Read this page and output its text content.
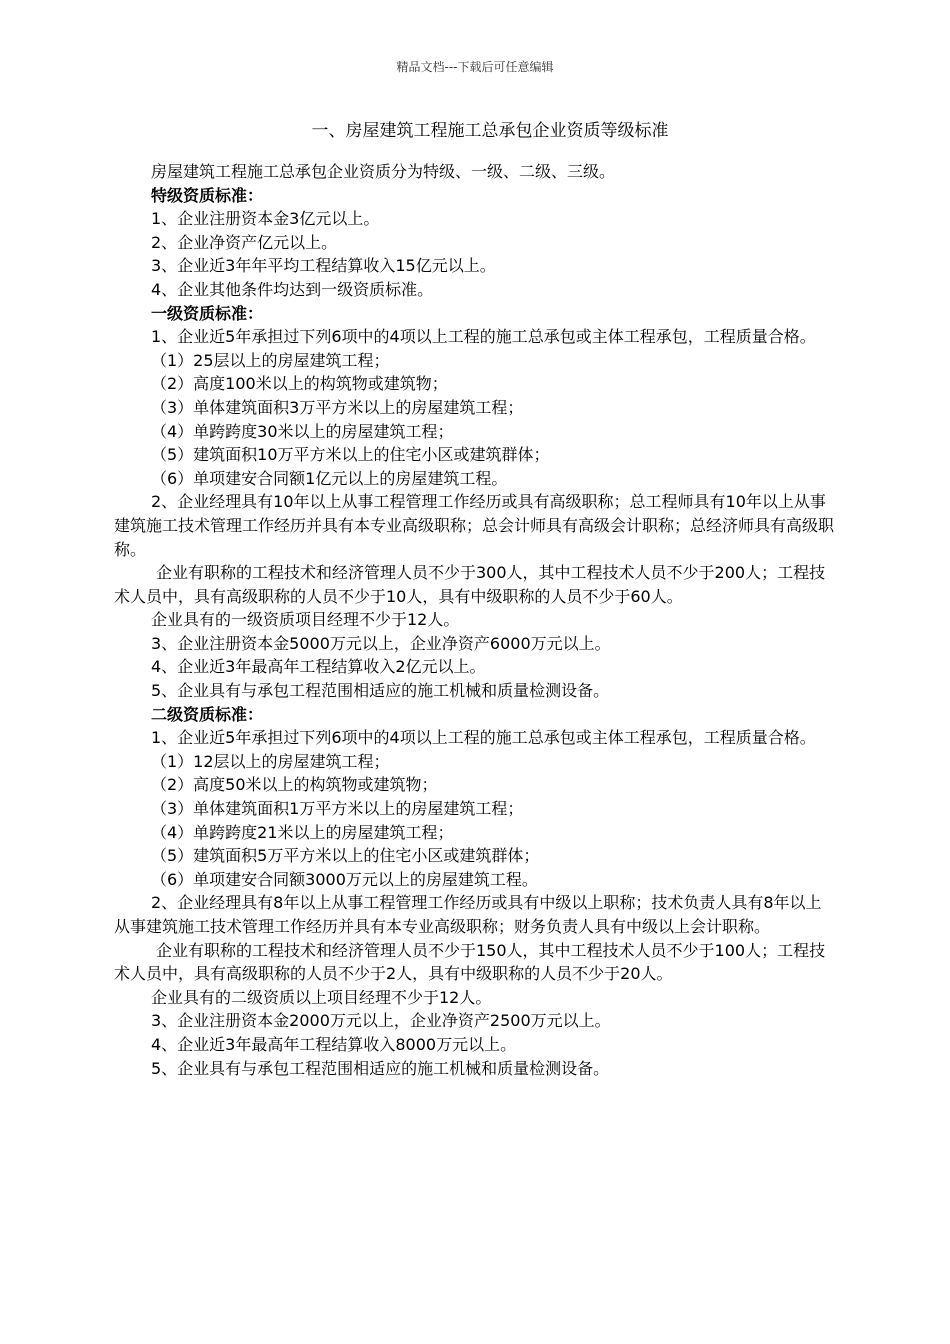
精品文档---下载后可任意编辑
一、房屋建筑工程施工总承包企业资质等级标准

房屋建筑工程施工总承包企业资质分为特级、一级、二级、三级。

特级资质标准：

1、企业注册资本金3亿元以上。

2、企业净资产亿元以上。

3、企业近3年年平均工程结算收入15亿元以上。

4、企业其他条件均达到一级资质标准。

一级资质标准：

1、企业近5年承担过下列6项中的4项以上工程的施工总承包或主体工程承包，工程质量合格。

（1）25层以上的房屋建筑工程；

（2）高度100米以上的构筑物或建筑物；

（3）单体建筑面积3万平方米以上的房屋建筑工程；

（4）单跨跨度30米以上的房屋建筑工程；

（5）建筑面积10万平方米以上的住宅小区或建筑群体；

（6）单项建安合同额1亿元以上的房屋建筑工程。

2、企业经理具有10年以上从事工程管理工作经历或具有高级职称；总工程师具有10年以上从事建筑施工技术管理工作经历并具有本专业高级职称；总会计师具有高级会计职称；总经济师具有高级职称。

企业有职称的工程技术和经济管理人员不少于300人，其中工程技术人员不少于200人；工程技术人员中，具有高级职称的人员不少于10人，具有中级职称的人员不少于60人。

企业具有的一级资质项目经理不少于12人。

3、企业注册资本金5000万元以上，企业净资产6000万元以上。

4、企业近3年最高年工程结算收入2亿元以上。

5、企业具有与承包工程范围相适应的施工机械和质量检测设备。

二级资质标准：

1、企业近5年承担过下列6项中的4项以上工程的施工总承包或主体工程承包，工程质量合格。

（1）12层以上的房屋建筑工程；

（2）高度50米以上的构筑物或建筑物；

（3）单体建筑面积1万平方米以上的房屋建筑工程；

（4）单跨跨度21米以上的房屋建筑工程；

（5）建筑面积5万平方米以上的住宅小区或建筑群体；

（6）单项建安合同额3000万元以上的房屋建筑工程。

2、企业经理具有8年以上从事工程管理工作经历或具有中级以上职称；技术负责人具有8年以上从事建筑施工技术管理工作经历并具有本专业高级职称；财务负责人具有中级以上会计职称。

企业有职称的工程技术和经济管理人员不少于150人，其中工程技术人员不少于100人；工程技术人员中，具有高级职称的人员不少于2人，具有中级职称的人员不少于20人。

企业具有的二级资质以上项目经理不少于12人。

3、企业注册资本金2000万元以上，企业净资产2500万元以上。

4、企业近3年最高年工程结算收入8000万元以上。

5、企业具有与承包工程范围相适应的施工机械和质量检测设备。
